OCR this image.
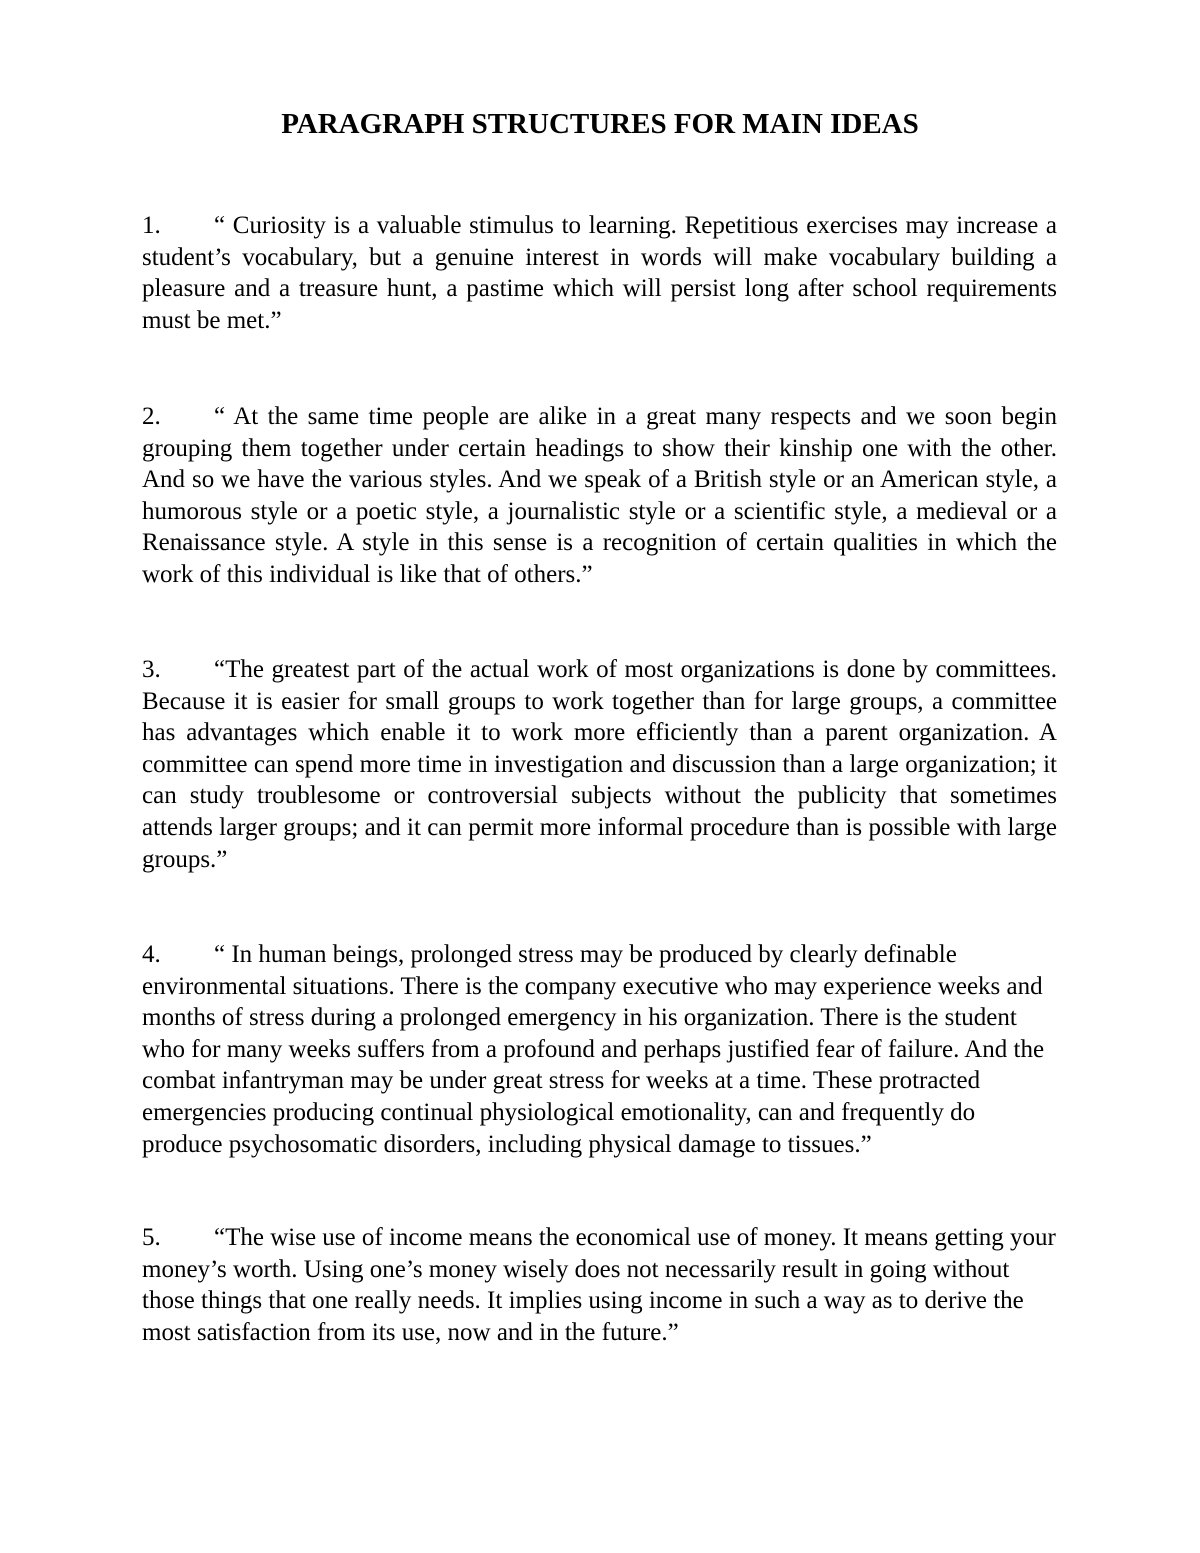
PARAGRAPH STRUCTURES FOR MAIN IDEAS

1. “ Curiosity is a valuable stimulus to learning. Repetitious exercises may increase a student’s vocabulary, but a genuine interest in words will make vocabulary building a pleasure and a treasure hunt, a pastime which will persist long after school requirements must be met.”

2. “ At the same time people are alike in a great many respects and we soon begin grouping them together under certain headings to show their kinship one with the other. And so we have the various styles. And we speak of a British style or an American style, a humorous style or a poetic style, a journalistic style or a scientific style, a medieval or a Renaissance style. A style in this sense is a recognition of certain qualities in which the work of this individual is like that of others.”

3. “The greatest part of the actual work of most organizations is done by committees. Because it is easier for small groups to work together than for large groups, a committee has advantages which enable it to work more efficiently than a parent organization. A committee can spend more time in investigation and discussion than a large organization; it can study troublesome or controversial subjects without the publicity that sometimes attends larger groups; and it can permit more informal procedure than is possible with large groups.”

4. “ In human beings, prolonged stress may be produced by clearly definable environmental situations. There is the company executive who may experience weeks and months of stress during a prolonged emergency in his organization. There is the student who for many weeks suffers from a profound and perhaps justified fear of failure. And the combat infantryman may be under great stress for weeks at a time. These protracted emergencies producing continual physiological emotionality, can and frequently do produce psychosomatic disorders, including physical damage to tissues.”

5. “The wise use of income means the economical use of money. It means getting your money’s worth. Using one’s money wisely does not necessarily result in going without those things that one really needs. It implies using income in such a way as to derive the most satisfaction from its use, now and in the future.”
